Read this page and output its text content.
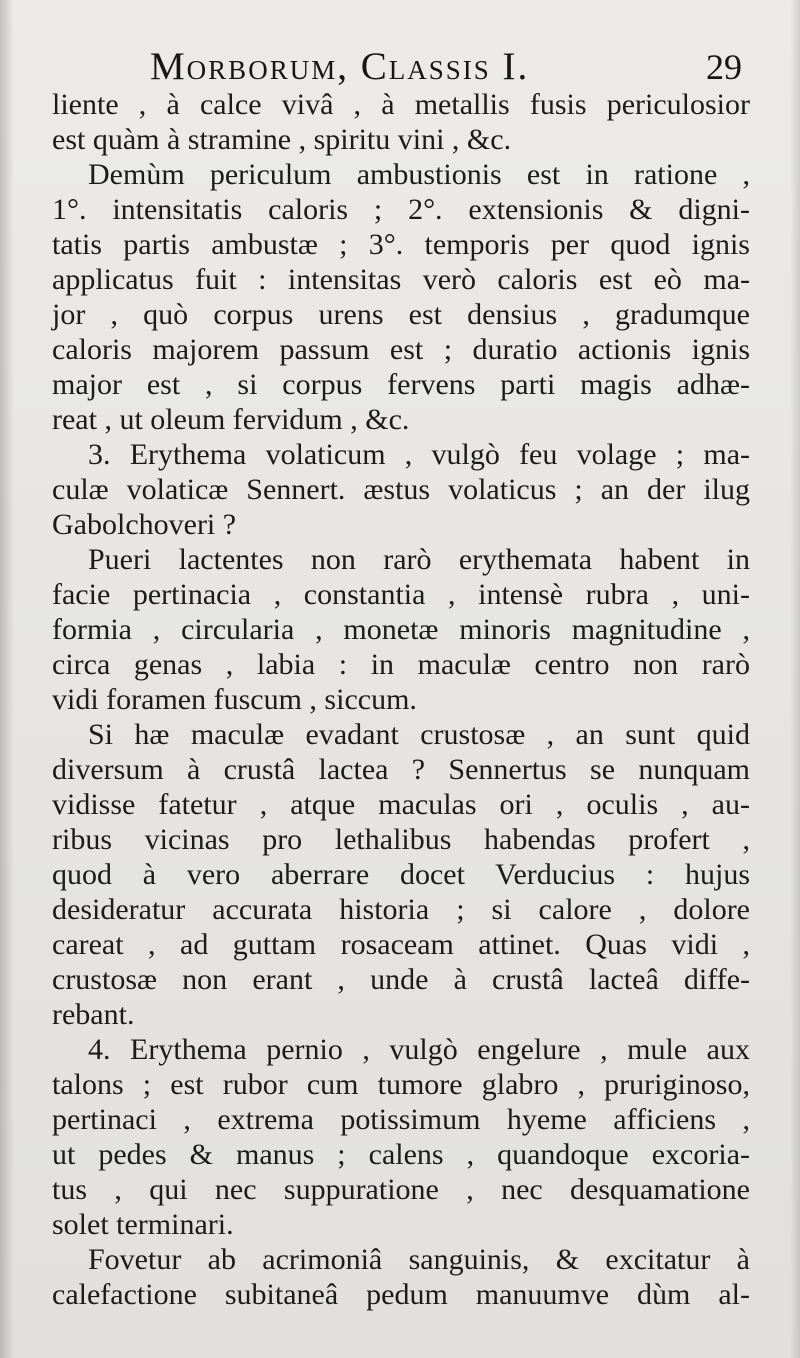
Morborum, Classis I.	29
liente , à calce vivâ , à metallis fusis periculosior
est quàm à stramine , spiritu vini , &c.
Demùm periculum ambustionis est in ratione ,
1°. intensitatis caloris ; 2°. extensionis & digni-
tatis partis ambustæ ; 3°. temporis per quod ignis
applicatus fuit : intensitas verò caloris est eò ma-
jor , quò corpus urens est densius , gradumque
caloris majorem passum est ; duratio actionis ignis
major est , si corpus fervens parti magis adhæ-
reat , ut oleum fervidum , &c.
3. Erythema volaticum , vulgò feu volage ; ma-
culæ volaticæ Sennert. æstus volaticus ; an der ilug
Gabolchoveri ?
Pueri lactentes non rarò erythemata habent in
facie pertinacia , constantia , intensè rubra , uni-
formia , circularia , monetæ minoris magnitudine ,
circa genas , labia : in maculæ centro non rarò
vidi foramen fuscum , siccum.
Si hæ maculæ evadant crustosæ , an sunt quid
diversum à crustâ lactea ? Sennertus se nunquam
vidisse fatetur , atque maculas ori , oculis , au-
ribus vicinas pro lethalibus habendas profert ,
quod à vero aberrare docet Verducius : hujus
desideratur accurata historia ; si calore , dolore
careat , ad guttam rosaceam attinet. Quas vidi ,
crustosæ non erant , unde à crustâ lacteâ diffe-
rebant.
4. Erythema pernio , vulgò engelure , mule aux
talons ; est rubor cum tumore glabro , pruriginoso,
pertinaci , extrema potissimum hyeme afficiens ,
ut pedes & manus ; calens , quandoque excoria-
tus , qui nec suppuratione , nec desquamatione
solet terminari.
Fovetur ab acrimoniâ sanguinis, & excitatur à
calefactione subitaneâ pedum manuumve dùm al-
